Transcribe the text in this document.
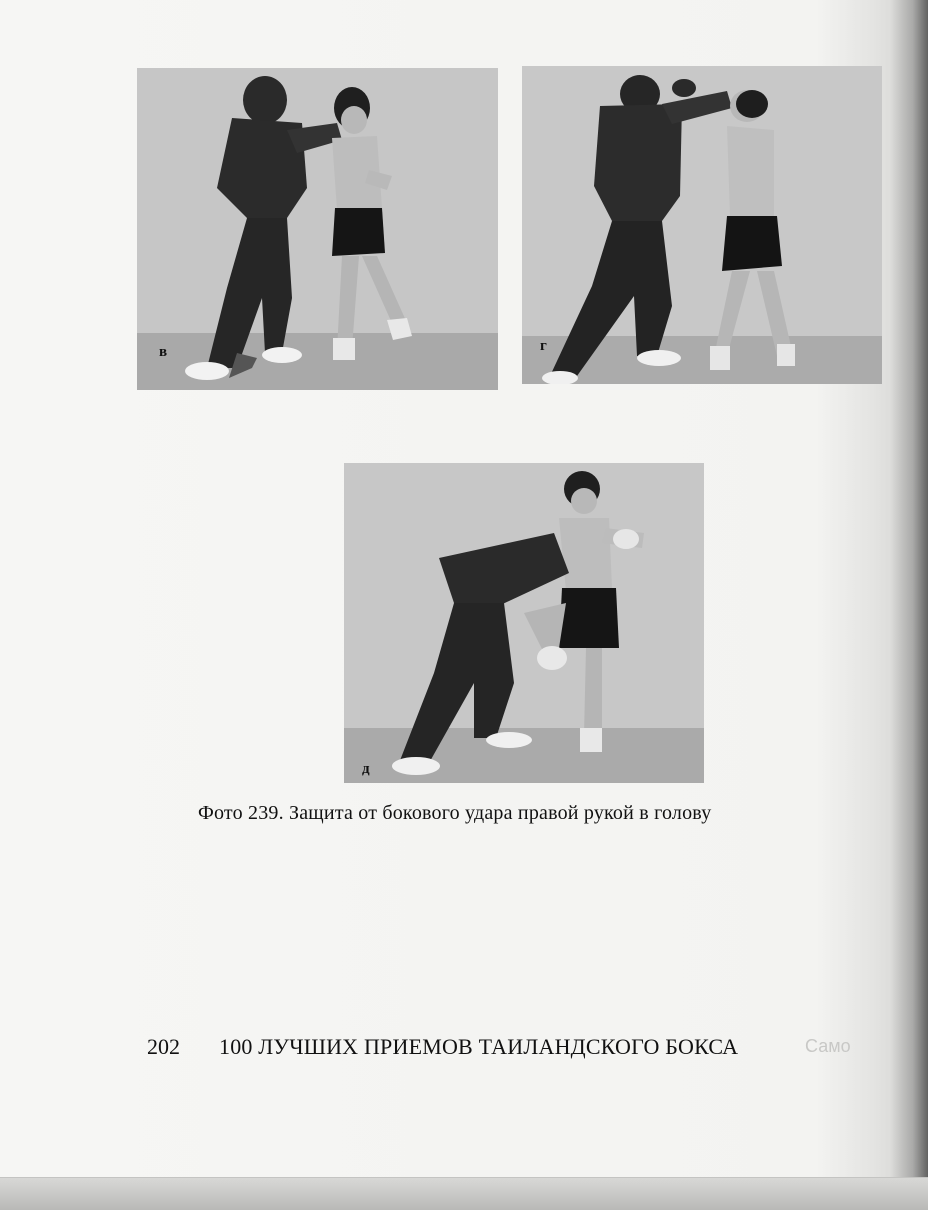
в	г
д
Фото 239. Защита от бокового удара правой рукой в голову
202 100 ЛУЧШИХ ПРИЕМОВ ТАИЛАНДСКОГО БОКСА	Само
